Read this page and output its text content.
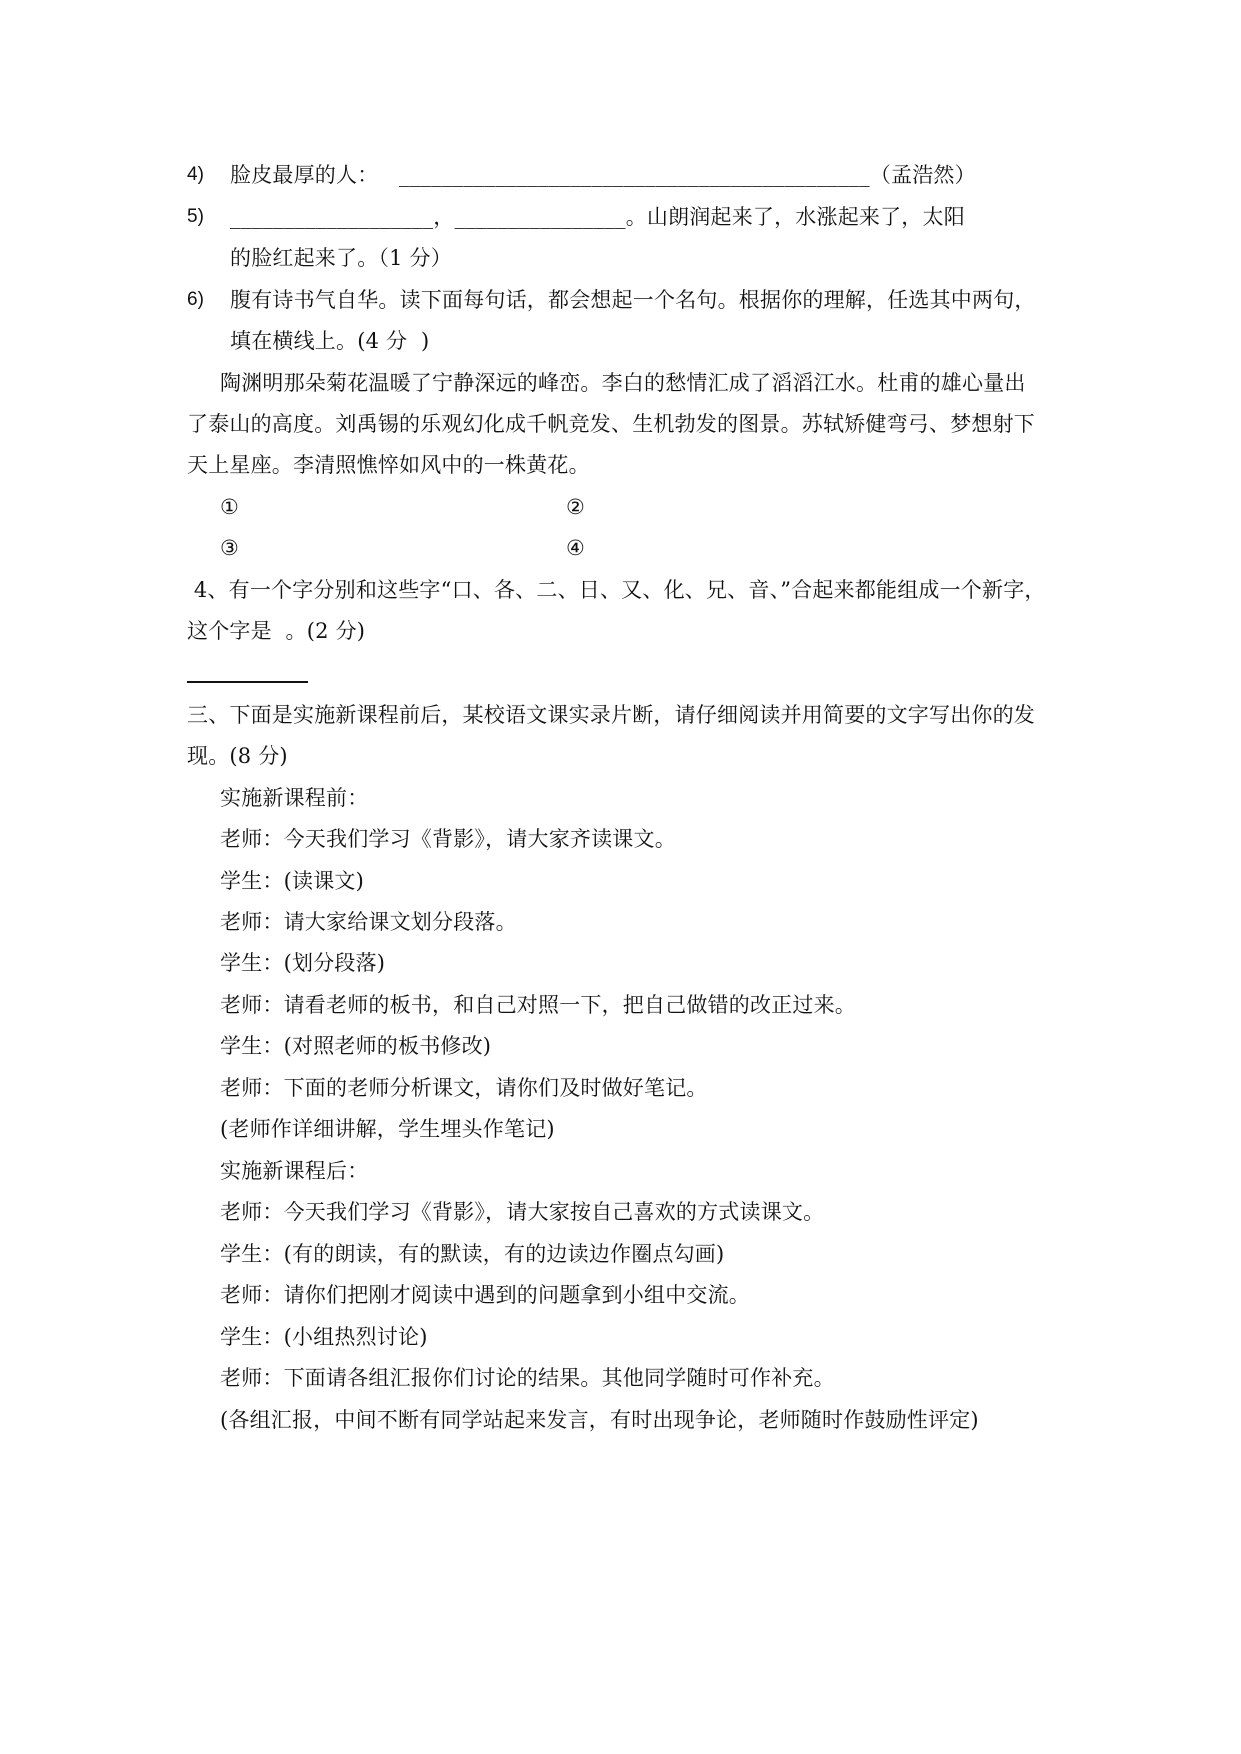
4) 脸皮最厚的人：   ____________________________________________（孟浩然）
5) ___________________，________________。山朗润起来了，水涨起来了，太阳
的脸红起来了。（1 分）
6) 腹有诗书气自华。读下面每句话，都会想起一个名句。根据你的理解，任选其中两句，
填在横线上。(4 分  )
陶渊明那朵菊花温暖了宁静深远的峰峦。李白的愁情汇成了滔滔江水。杜甫的雄心量出
了泰山的高度。刘禹锡的乐观幻化成千帆竞发、生机勃发的图景。苏轼矫健弯弓、梦想射下
天上星座。李清照憔悴如风中的一株黄花。
①	②
③	④
4、有一个字分别和这些字“口、各、二、日、又、化、兄、音、”合起来都能组成一个新字，
这个字是  。(2 分)
三、下面是实施新课程前后，某校语文课实录片断，请仔细阅读并用简要的文字写出你的发
现。(8 分)
实施新课程前：
老师：今天我们学习《背影》，请大家齐读课文。
学生：(读课文)
老师：请大家给课文划分段落。
学生：(划分段落)
老师：请看老师的板书，和自己对照一下，把自己做错的改正过来。
学生：(对照老师的板书修改)
老师：下面的老师分析课文，请你们及时做好笔记。
(老师作详细讲解，学生埋头作笔记)
实施新课程后：
老师：今天我们学习《背影》，请大家按自己喜欢的方式读课文。
学生：(有的朗读，有的默读，有的边读边作圈点勾画)
老师：请你们把刚才阅读中遇到的问题拿到小组中交流。
学生：(小组热烈讨论)
老师：下面请各组汇报你们讨论的结果。其他同学随时可作补充。
(各组汇报，中间不断有同学站起来发言，有时出现争论，老师随时作鼓励性评定)
